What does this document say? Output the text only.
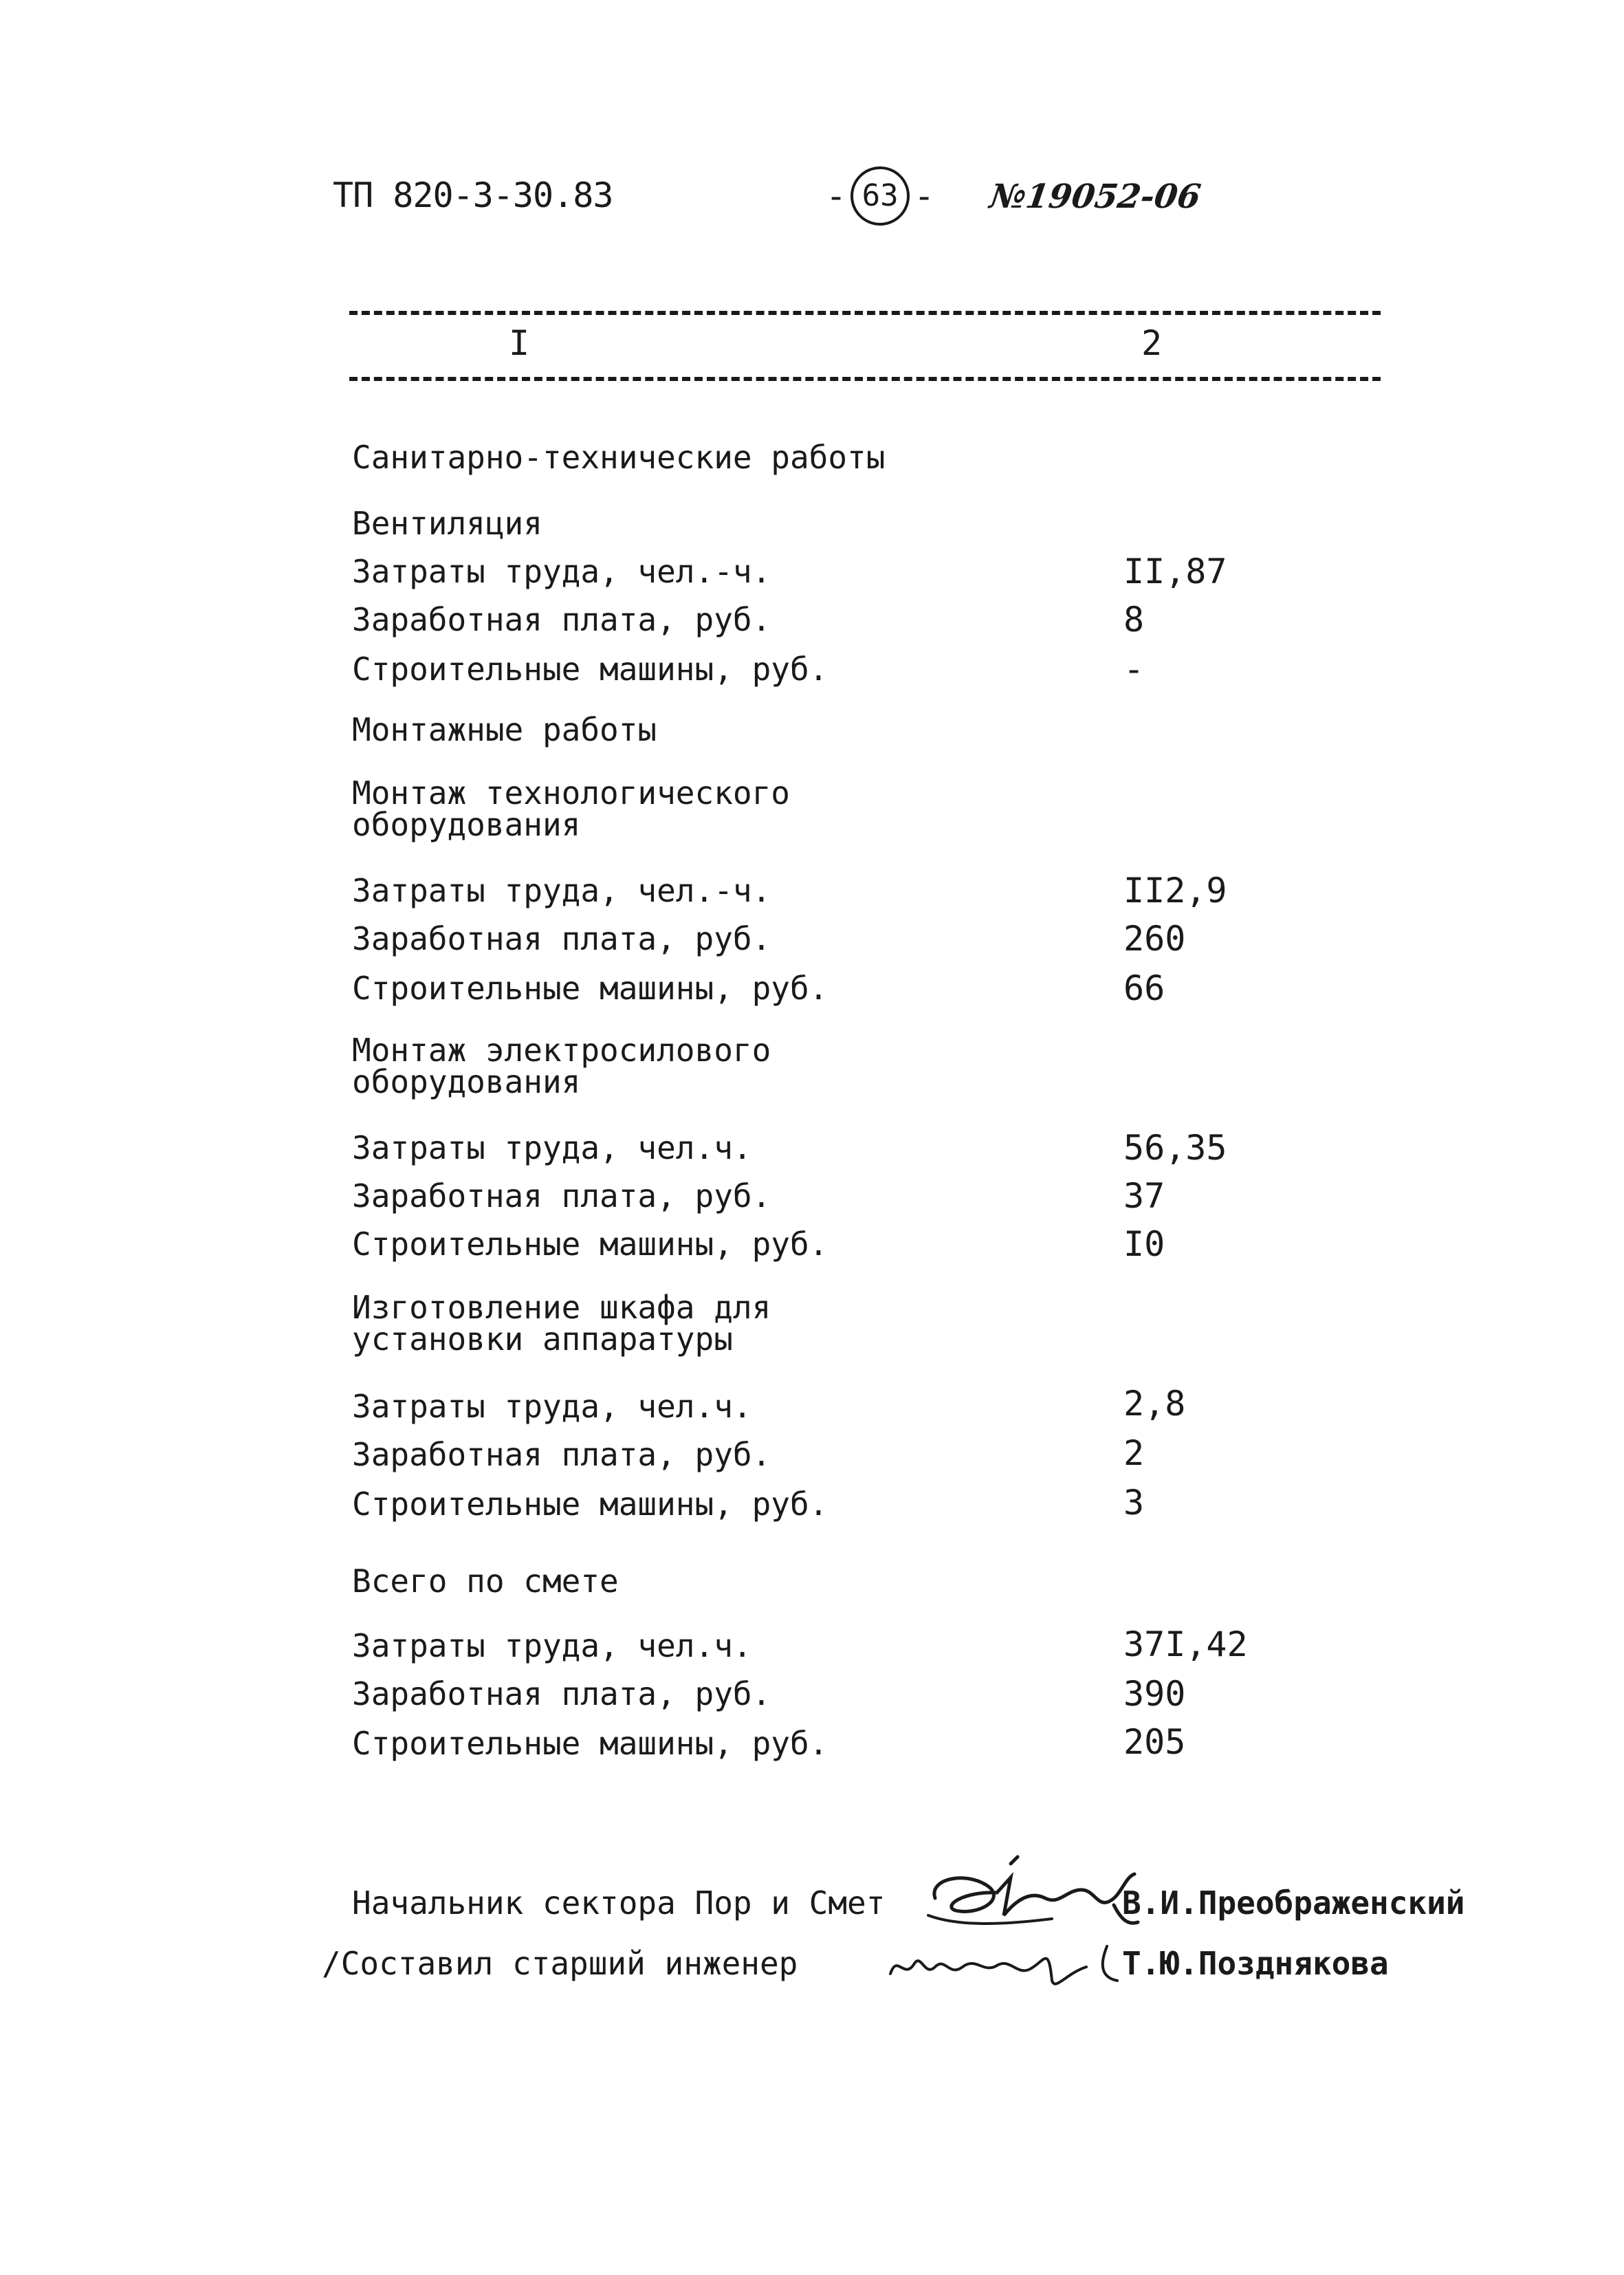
ТП 820-3-30.83	- 63 - №19052-06
I	2
Санитарно-технические работы
Вентиляция
Затраты труда, чел.-ч.	II,87
Заработная плата, руб.	8
Строительные машины, руб.	-
Монтажные работы
Монтаж технологического
оборудования
Затраты труда, чел.-ч.	II2,9
Заработная плата, руб.	260
Строительные машины, руб.	66
Монтаж электросилового
оборудования
Затраты труда, чел.ч.	56,35
Заработная плата, руб.	37
Строительные машины, руб.	I0
Изготовление шкафа для
установки аппаратуры
Затраты труда, чел.ч.	2,8
Заработная плата, руб.	2
Строительные машины, руб.	3
Всего по смете
Затраты труда, чел.ч.	37I,42
Заработная плата, руб.	390
Строительные машины, руб.	205
Начальник сектора Пор и Смет	В.И.Преображенский
/Составил старший инженер	Т.Ю.Позднякова
